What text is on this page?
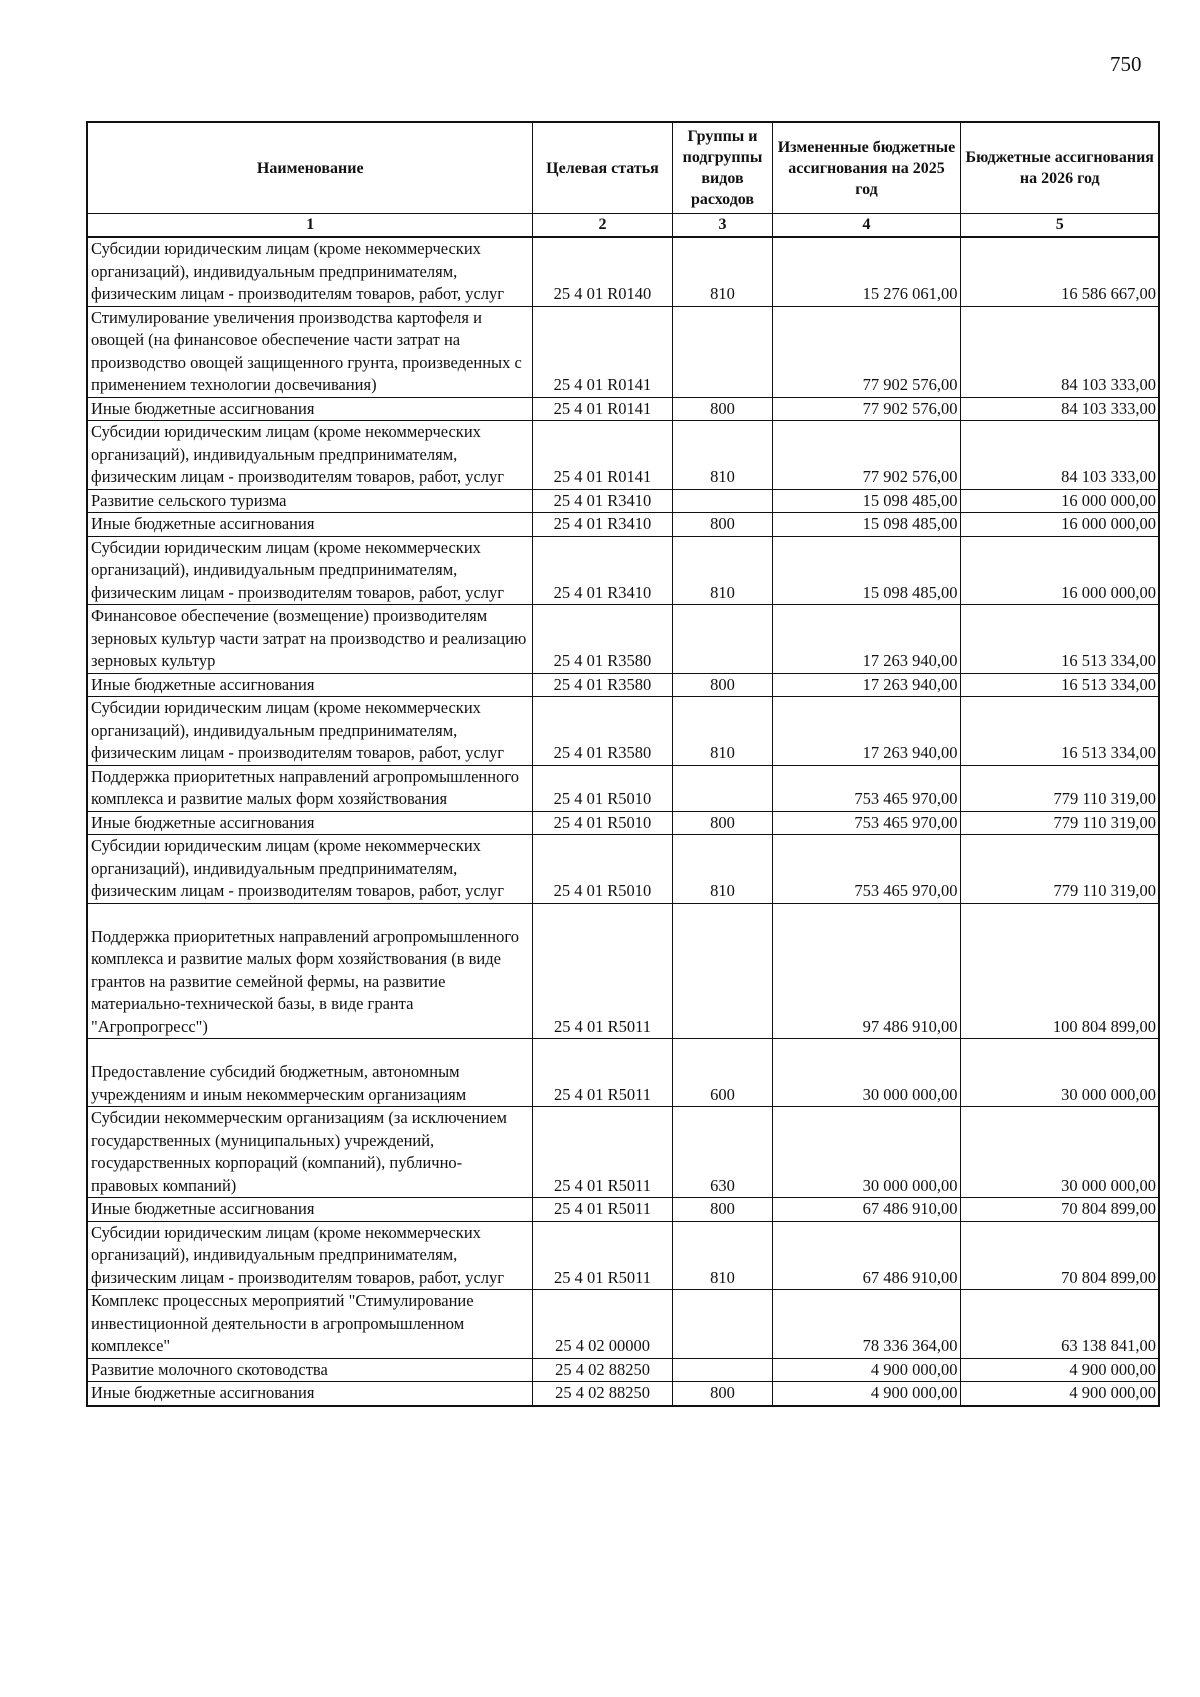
750
Наименование	Целевая статья	Группы и подгруппы видов расходов	Измененные бюджетные ассигнования на 2025 год	Бюджетные ассигнования на 2026 год
1	2	3	4	5
Субсидии юридическим лицам (кроме некоммерческих организаций), индивидуальным предпринимателям, физическим лицам - производителям товаров, работ, услуг	25 4 01 R0140	810	15 276 061,00	16 586 667,00
Стимулирование увеличения производства картофеля и овощей (на финансовое обеспечение части затрат на производство овощей защищенного грунта, произведенных с применением технологии досвечивания)	25 4 01 R0141		77 902 576,00	84 103 333,00
Иные бюджетные ассигнования	25 4 01 R0141	800	77 902 576,00	84 103 333,00
Субсидии юридическим лицам (кроме некоммерческих организаций), индивидуальным предпринимателям, физическим лицам - производителям товаров, работ, услуг	25 4 01 R0141	810	77 902 576,00	84 103 333,00
Развитие сельского туризма	25 4 01 R3410		15 098 485,00	16 000 000,00
Иные бюджетные ассигнования	25 4 01 R3410	800	15 098 485,00	16 000 000,00
Субсидии юридическим лицам (кроме некоммерческих организаций), индивидуальным предпринимателям, физическим лицам - производителям товаров, работ, услуг	25 4 01 R3410	810	15 098 485,00	16 000 000,00
Финансовое обеспечение (возмещение) производителям зерновых культур части затрат на производство и реализацию зерновых культур	25 4 01 R3580		17 263 940,00	16 513 334,00
Иные бюджетные ассигнования	25 4 01 R3580	800	17 263 940,00	16 513 334,00
Субсидии юридическим лицам (кроме некоммерческих организаций), индивидуальным предпринимателям, физическим лицам - производителям товаров, работ, услуг	25 4 01 R3580	810	17 263 940,00	16 513 334,00
Поддержка приоритетных направлений агропромышленного комплекса и развитие малых форм хозяйствования	25 4 01 R5010		753 465 970,00	779 110 319,00
Иные бюджетные ассигнования	25 4 01 R5010	800	753 465 970,00	779 110 319,00
Субсидии юридическим лицам (кроме некоммерческих организаций), индивидуальным предпринимателям, физическим лицам - производителям товаров, работ, услуг	25 4 01 R5010	810	753 465 970,00	779 110 319,00

Поддержка приоритетных направлений агропромышленного комплекса и развитие малых форм хозяйствования (в виде грантов на развитие семейной фермы, на развитие материально-технической базы, в виде гранта "Агропрогресс")	25 4 01 R5011		97 486 910,00	100 804 899,00

Предоставление субсидий бюджетным, автономным учреждениям и иным некоммерческим организациям	25 4 01 R5011	600	30 000 000,00	30 000 000,00
Субсидии некоммерческим организациям (за исключением государственных (муниципальных) учреждений, государственных корпораций (компаний), публично-правовых компаний)	25 4 01 R5011	630	30 000 000,00	30 000 000,00
Иные бюджетные ассигнования	25 4 01 R5011	800	67 486 910,00	70 804 899,00
Субсидии юридическим лицам (кроме некоммерческих организаций), индивидуальным предпринимателям, физическим лицам - производителям товаров, работ, услуг	25 4 01 R5011	810	67 486 910,00	70 804 899,00
Комплекс процессных мероприятий "Стимулирование инвестиционной деятельности в агропромышленном комплексе"	25 4 02 00000		78 336 364,00	63 138 841,00
Развитие молочного скотоводства	25 4 02 88250		4 900 000,00	4 900 000,00
Иные бюджетные ассигнования	25 4 02 88250	800	4 900 000,00	4 900 000,00
